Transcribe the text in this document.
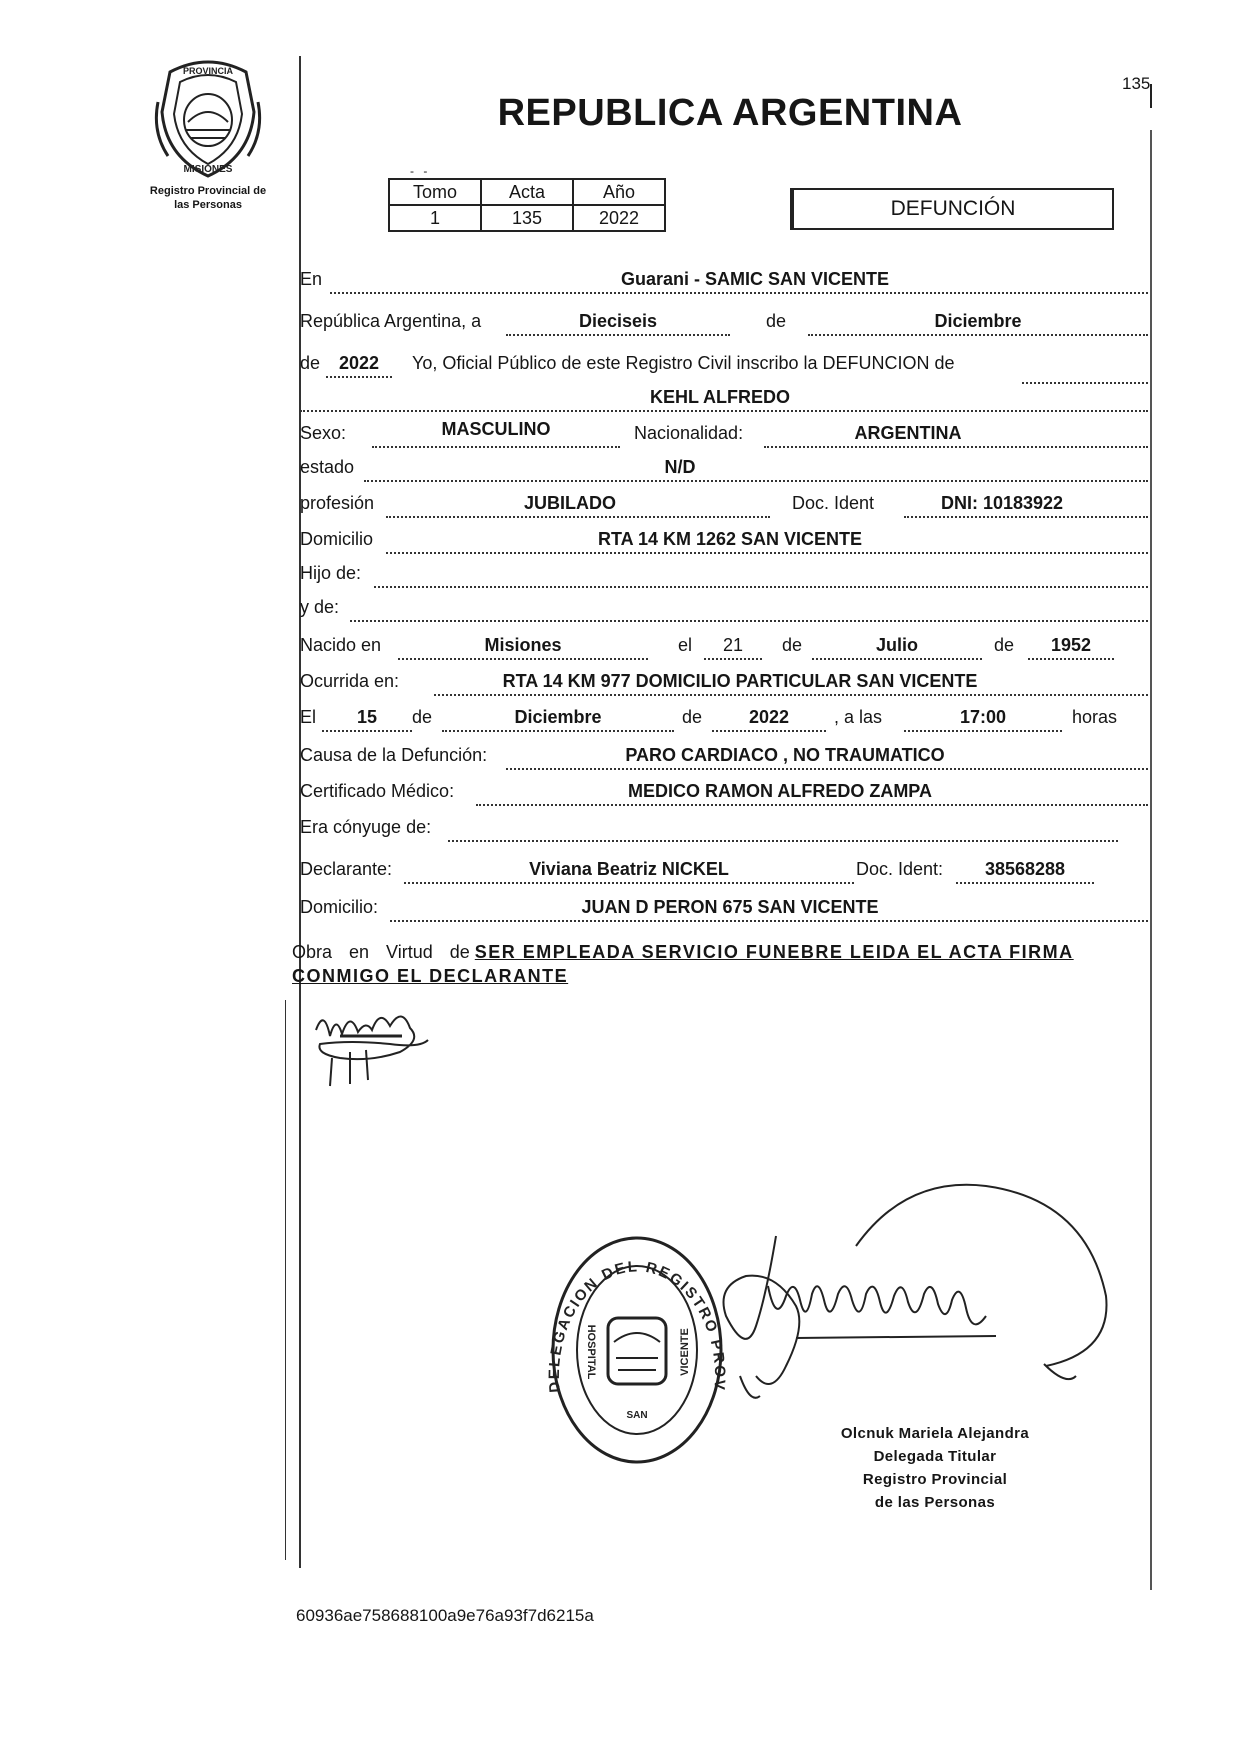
PROVINCIA
MISIONES
Registro Provincial de
las Personas
135
REPUBLICA ARGENTINA
- -
Tomo	Acta	Año
1	135	2022	DEFUNCIÓN
En	Guarani - SAMIC SAN VICENTE
República Argentina, a	Dieciseis	de	Diciembre
de	2022	Yo, Oficial Público de este Registro Civil inscribo la DEFUNCION de
KEHL ALFREDO
Sexo:	MASCULINO	Nacionalidad:	ARGENTINA
estado	N/D
profesión	JUBILADO	Doc. Ident	DNI: 10183922
Domicilio	RTA 14 KM 1262 SAN VICENTE
Hijo de:
y de:
Nacido en	Misiones	el	21	de	Julio	de	1952
Ocurrida en:	RTA 14 KM 977 DOMICILIO PARTICULAR SAN VICENTE
El	15	de	Diciembre	de	2022	, a las	17:00	horas
Causa de la Defunción:	PARO CARDIACO , NO TRAUMATICO
Certificado Médico:	MEDICO RAMON ALFREDO ZAMPA
Era cónyuge de:
Declarante:	Viviana Beatriz NICKEL	Doc. Ident:	38568288
Domicilio:	JUAN D PERON 675 SAN VICENTE
Obra en Virtud de SER EMPLEADA SERVICIO FUNEBRE LEIDA EL ACTA FIRMA CONMIGO EL DECLARANTE
EGACION DEL REGISTRO PR
HOSPITAL	VICENTE
SAN
Olcnuk Mariela Alejandra
Delegada Titular
Registro Provincial
de las Personas
60936ae758688100a9e76a93f7d6215a
